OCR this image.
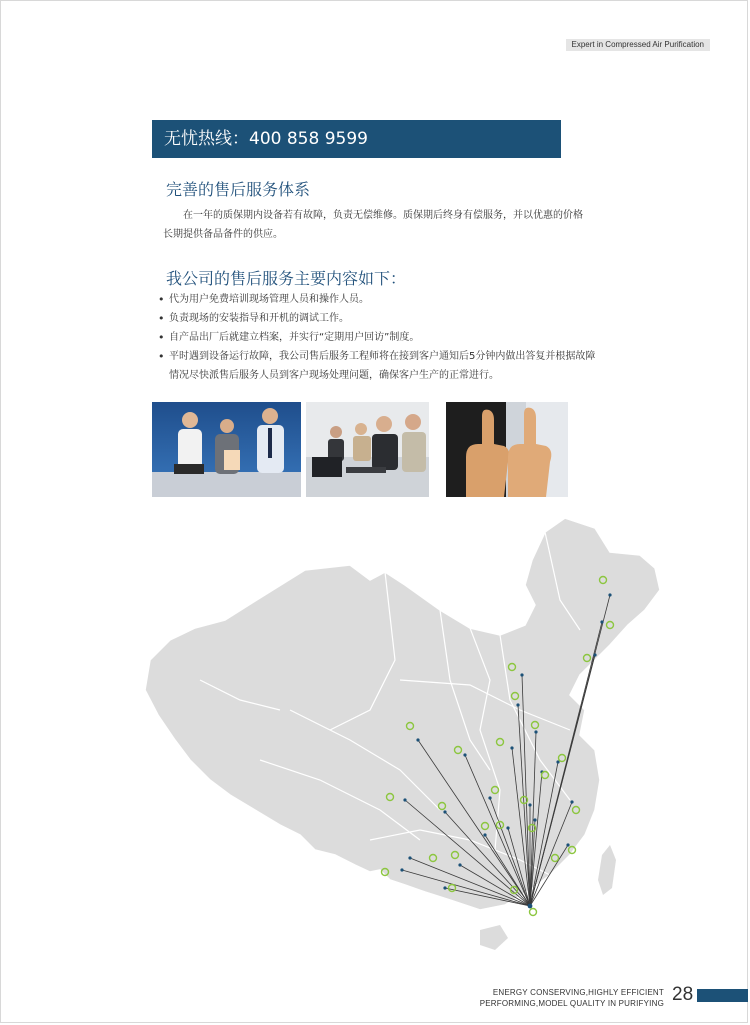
Expert in Compressed Air Purification
无忧热线：400 858 9599
完善的售后服务体系
在一年的质保期内设备若有故障，负责无偿维修。质保期后终身有偿服务，并以优惠的价格长期提供备品备件的供应。
我公司的售后服务主要内容如下：
• 代为用户免费培训现场管理人员和操作人员。
• 负责现场的安装指导和开机的调试工作。
• 自产品出厂后就建立档案，并实行“定期用户回访”制度。
• 平时遇到设备运行故障，我公司售后服务工程师将在接到客户通知后5分钟内做出答复并根据故障情况尽快派售后服务人员到客户现场处理问题，确保客户生产的正常进行。
ENERGY CONSERVING,HIGHLY EFFICIENT
PERFORMING,MODEL QUALITY IN PURIFYING 28
